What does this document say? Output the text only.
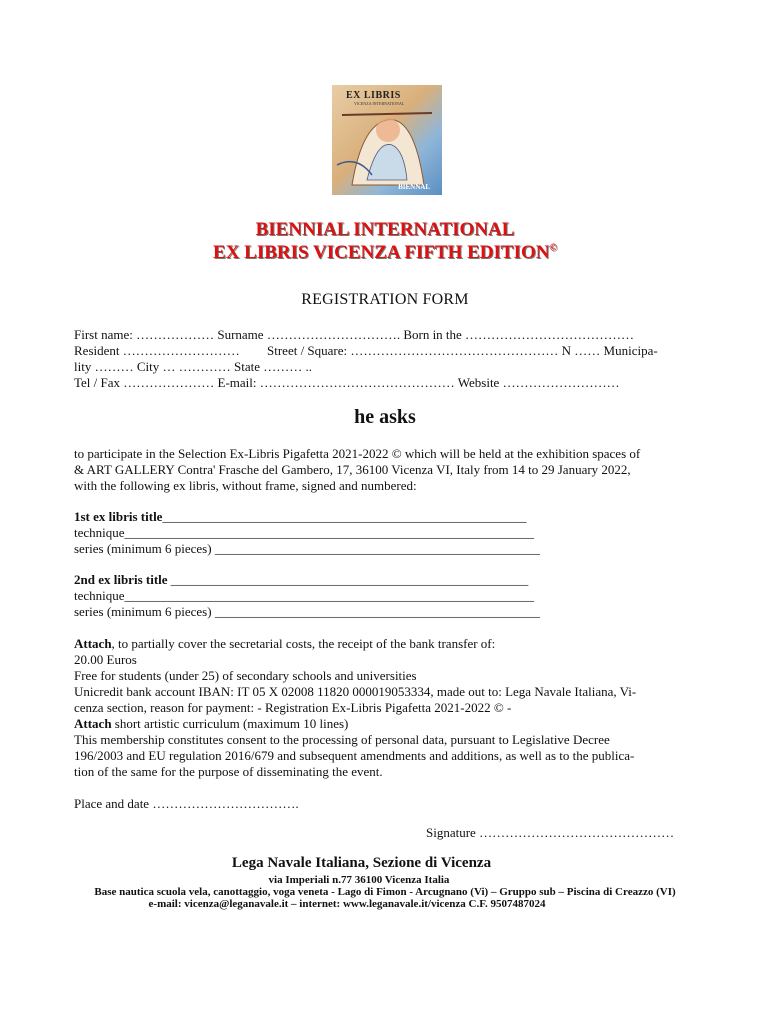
EX LIBRIS
VICENZA INTERNATIONAL
BIENNAL
BIENNIAL INTERNATIONAL
EX LIBRIS VICENZA FIFTH EDITION©
REGISTRATION FORM
First name: ……………… Surname …………………………. Born in the …………………………………
Resident ……………………… Street / Square: ………………………………………… N …… Municipa-
lity ……… City … ………… State ……… ..
Tel / Fax ………………… E-mail: ……………………………………… Website ………………………
he asks
to participate in the Selection Ex-Libris Pigafetta 2021-2022 © which will be held at the exhibition spaces of
& ART GALLERY Contra' Frasche del Gambero, 17, 36100 Vicenza VI, Italy from 14 to 29 January 2022,
with the following ex libris, without frame, signed and numbered:
1st ex libris title________________________________________________________
technique_______________________________________________________________
series (minimum 6 pieces) __________________________________________________
2nd ex libris title _______________________________________________________
technique_______________________________________________________________
series (minimum 6 pieces) __________________________________________________
Attach, to partially cover the secretarial costs, the receipt of the bank transfer of:
20.00 Euros
Free for students (under 25) of secondary schools and universities
Unicredit bank account IBAN: IT 05 X 02008 11820 000019053334, made out to: Lega Navale Italiana, Vi-
cenza section, reason for payment: - Registration Ex-Libris Pigafetta 2021-2022 © -
Attach short artistic curriculum (maximum 10 lines)
This membership constitutes consent to the processing of personal data, pursuant to Legislative Decree
196/2003 and EU regulation 2016/679 and subsequent amendments and additions, as well as to the publica-
tion of the same for the purpose of disseminating the event.
Place and date …………………………….
Signature ………………………………………
Lega Navale Italiana, Sezione di Vicenza
via Imperiali n.77 36100 Vicenza Italia
Base nautica scuola vela, canottaggio, voga veneta - Lago di Fimon - Arcugnano (Vi) – Gruppo sub – Piscina di Creazzo (VI)
e-mail: vicenza@leganavale.it – internet: www.leganavale.it/vicenza C.F. 9507487024
